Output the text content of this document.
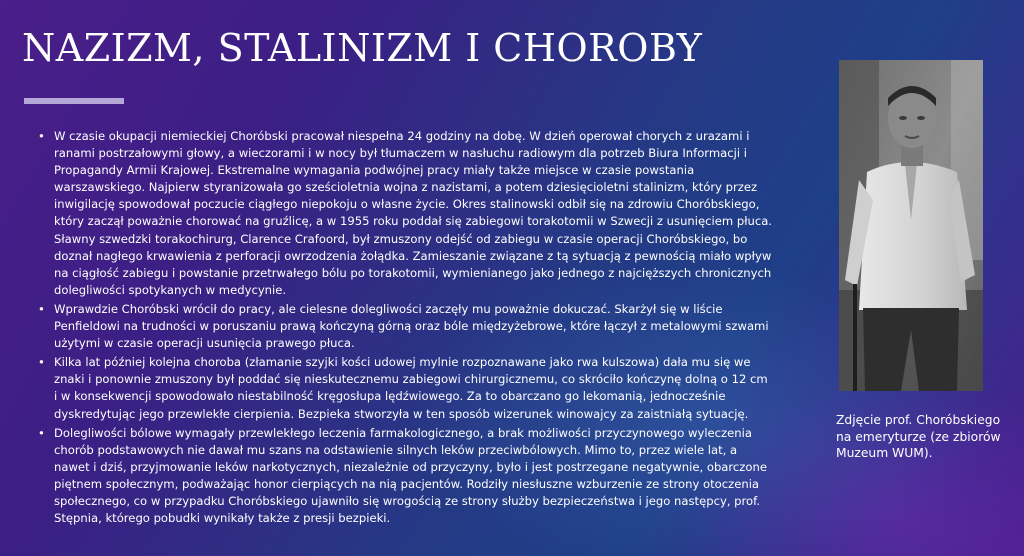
NAZIZM, STALINIZM I CHOROBY
• W czasie okupacji niemieckiej Choróbski pracował niespełna 24 godziny na dobę. W dzień operował chorych z urazami i ranami postrzałowymi głowy, a wieczorami i w nocy był tłumaczem w nasłuchu radiowym dla potrzeb Biura Informacji i Propagandy Armii Krajowej. Ekstremalne wymagania podwójnej pracy miały także miejsce w czasie powstania warszawskiego. Najpierw styranizowała go sześcioletnia wojna z nazistami, a potem dziesięcioletni stalinizm, który przez inwigilację spowodował poczucie ciągłego niepokoju o własne życie. Okres stalinowski odbił się na zdrowiu Choróbskiego, który zaczął poważnie chorować na gruźlicę, a w 1955 roku poddał się zabiegowi torakotomii w Szwecji z usunięciem płuca. Sławny szwedzki torakochirurg, Clarence Crafoord, był zmuszony odejść od zabiegu w czasie operacji Choróbskiego, bo doznał nagłego krwawienia z perforacji owrzodzenia żołądka. Zamieszanie związane z tą sytuacją z pewnością miało wpływ na ciągłość zabiegu i powstanie przetrwałego bólu po torakotomii, wymienianego jako jednego z najcięższych chronicznych dolegliwości spotykanych w medycynie.
• Wprawdzie Choróbski wrócił do pracy, ale cielesne dolegliwości zaczęły mu poważnie dokuczać. Skarżył się w liście Penfieldowi na trudności w poruszaniu prawą kończyną górną oraz bóle międzyżebrowe, które łączył z metalowymi szwami użytymi w czasie operacji usunięcia prawego płuca.
• Kilka lat później kolejna choroba (złamanie szyjki kości udowej mylnie rozpoznawane jako rwa kulszowa) dała mu się we znaki i ponownie zmuszony był poddać się nieskutecznemu zabiegowi chirurgicznemu, co skróciło kończynę dolną o 12 cm i w konsekwencji spowodowało niestabilność kręgosłupa lędźwiowego. Za to obarczano go lekomanią, jednocześnie dyskredytując jego przewlekłe cierpienia. Bezpieka stworzyła w ten sposób wizerunek winowajcy za zaistniałą sytuację.
• Dolegliwości bólowe wymagały przewlekłego leczenia farmakologicznego, a brak możliwości przyczynowego wyleczenia chorób podstawowych nie dawał mu szans na odstawienie silnych leków przeciwbólowych. Mimo to, przez wiele lat, a nawet i dziś, przyjmowanie leków narkotycznych, niezależnie od przyczyny, było i jest postrzegane negatywnie, obarczone piętnem społecznym, podważając honor cierpiących na nią pacjentów. Rodziły niesłuszne wzburzenie ze strony otoczenia społecznego, co w przypadku Choróbskiego ujawniło się wrogością ze strony służby bezpieczeństwa i jego następcy, prof. Stępnia, którego pobudki wynikały także z presji bezpieki.
Zdjęcie prof. Choróbskiego na emeryturze (ze zbiorów Muzeum WUM).
